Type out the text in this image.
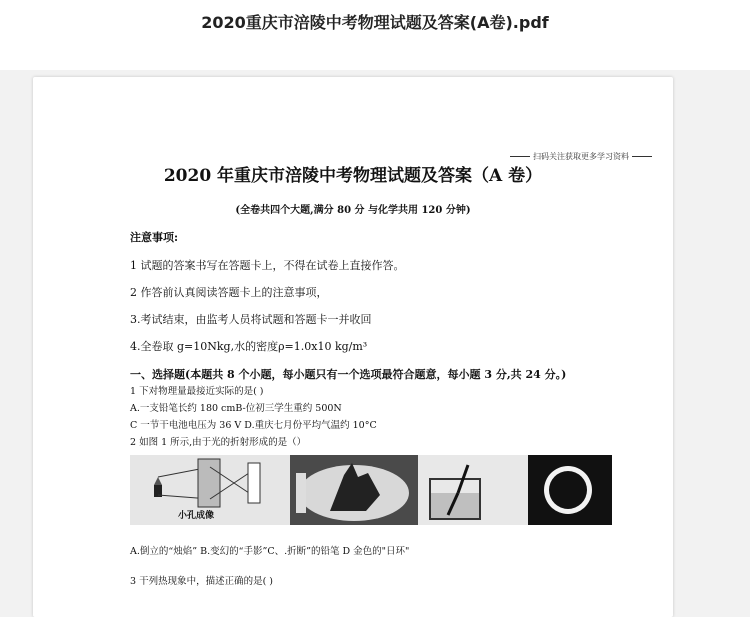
2020重庆市涪陵中考物理试题及答案(A卷).pdf
扫码关注获取更多学习资料
2020 年重庆市涪陵中考物理试题及答案（A 卷）
(全卷共四个大题,满分 80 分 与化学共用 120 分钟)
注意事项:
1 试题的答案书写在答题卡上，不得在试卷上直接作答。
2 作答前认真阅读答题卡上的注意事项，
3.考试结束，由监考人员将试题和答题卡一并收回
4.全卷取 g=10Nkg,水的密度ρ=1.0x10 kg/m³
一、选择题(本题共 8 个小题，每小题只有一个选项最符合题意，每小题 3 分,共 24 分。)
1 下对物理量最接近实际的是( )
A.一支铅笔长约 180 cmB-位初三学生重约 500N
C 一节干电池电压为 36 V D.重庆七月份平均气温约 10°C
2 如图 1 所示,由于光的折射形成的是（）
小孔成像
A.倒立的“烛焰” B.变幻的“手影”C、.折断”的铅笔 D 金色的"日环"
3 干列热现象中，描述正确的是( )
